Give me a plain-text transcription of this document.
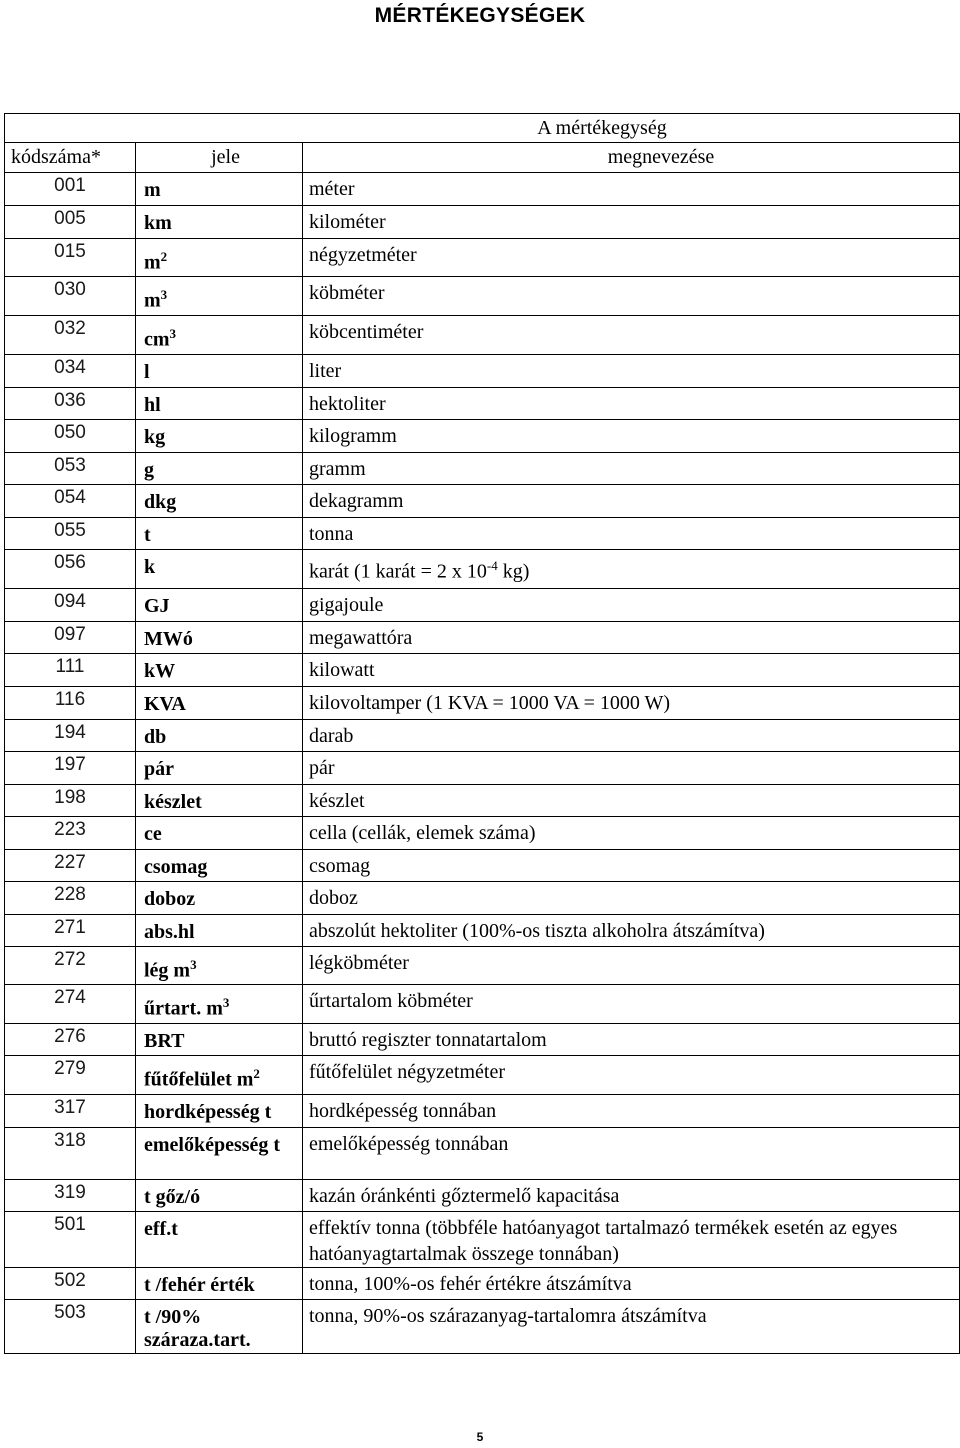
MÉRTÉKEGYSÉGEK
A mértékegység		
kódszáma*	jele	megnevezése
001	m	méter
005	km	kilométer
015	$m^2$	négyzetméter
030	$m^3$	köbméter
032	$cm^3$	köbcentiméter
034	l	liter
036	hl	hektoliter
050	kg	kilogramm
053	g	gramm
054	dkg	dekagramm
055	t	tonna
056	k	karát (1 karát = 2 x $10^{-4}$ kg)
094	GJ	gigajoule
097	MWó	megawattóra
111	kW	kilowatt
116	KVA	kilovoltamper (1 KVA = 1000 VA = 1000 W)
194	db	darab
197	pár	pár
198	készlet	készlet
223	ce	cella (cellák, elemek száma)
227	csomag	csomag
228	doboz	doboz
271	abs.hl	abszolút hektoliter (100%-os tiszta alkoholra átszámítva)
272	lég $m^3$	légköbméter
274	űrtart. $m^3$	űrtartalom köbméter
276	BRT	bruttó regiszter tonnatartalom
279	fűtőfelület $m^2$	fűtőfelület négyzetméter
317	hordképesség t	hordképesség tonnában
318	emelőképesség t	emelőképesség tonnában
319	t gőz/ó	kazán óránkénti gőztermelő kapacitása
501	eff.t	effektív tonna (többféle hatóanyagot tartalmazó termékek esetén az egyes hatóanyagtartalmak összege tonnában)
502	t /fehér érték	tonna, 100%-os fehér értékre átszámítva
503	t /90% száraza.tart.	tonna, 90%-os szárazanyag-tartalomra átszámítva
5
